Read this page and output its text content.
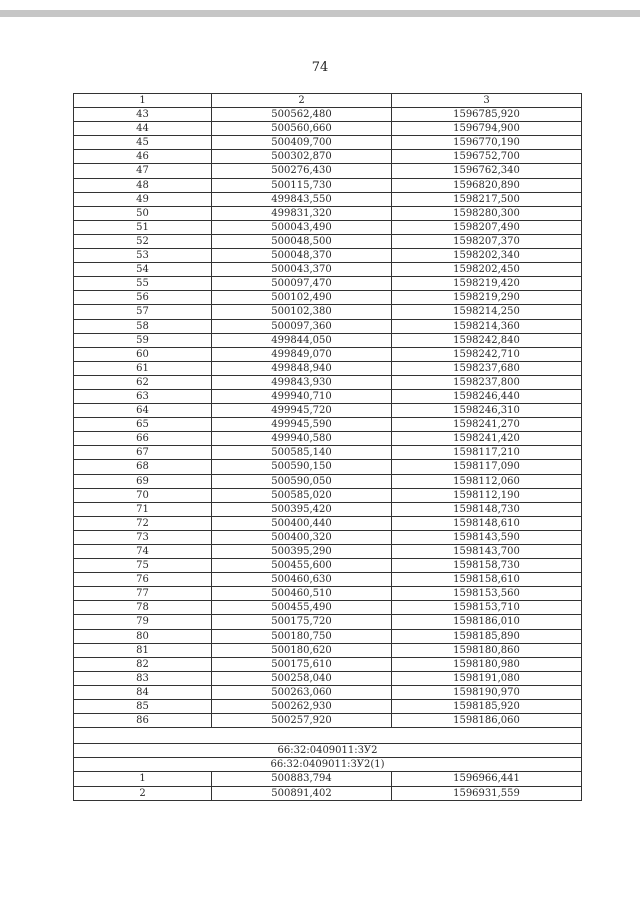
74
1	2	3
43	500562,480	1596785,920
44	500560,660	1596794,900
45	500409,700	1596770,190
46	500302,870	1596752,700
47	500276,430	1596762,340
48	500115,730	1596820,890
49	499843,550	1598217,500
50	499831,320	1598280,300
51	500043,490	1598207,490
52	500048,500	1598207,370
53	500048,370	1598202,340
54	500043,370	1598202,450
55	500097,470	1598219,420
56	500102,490	1598219,290
57	500102,380	1598214,250
58	500097,360	1598214,360
59	499844,050	1598242,840
60	499849,070	1598242,710
61	499848,940	1598237,680
62	499843,930	1598237,800
63	499940,710	1598246,440
64	499945,720	1598246,310
65	499945,590	1598241,270
66	499940,580	1598241,420
67	500585,140	1598117,210
68	500590,150	1598117,090
69	500590,050	1598112,060
70	500585,020	1598112,190
71	500395,420	1598148,730
72	500400,440	1598148,610
73	500400,320	1598143,590
74	500395,290	1598143,700
75	500455,600	1598158,730
76	500460,630	1598158,610
77	500460,510	1598153,560
78	500455,490	1598153,710
79	500175,720	1598186,010
80	500180,750	1598185,890
81	500180,620	1598180,860
82	500175,610	1598180,980
83	500258,040	1598191,080
84	500263,060	1598190,970
85	500262,930	1598185,920
86	500257,920	1598186,060

66:32:0409011:ЗУ2		
66:32:0409011:ЗУ2(1)		
1	500883,794	1596966,441
2	500891,402	1596931,559
